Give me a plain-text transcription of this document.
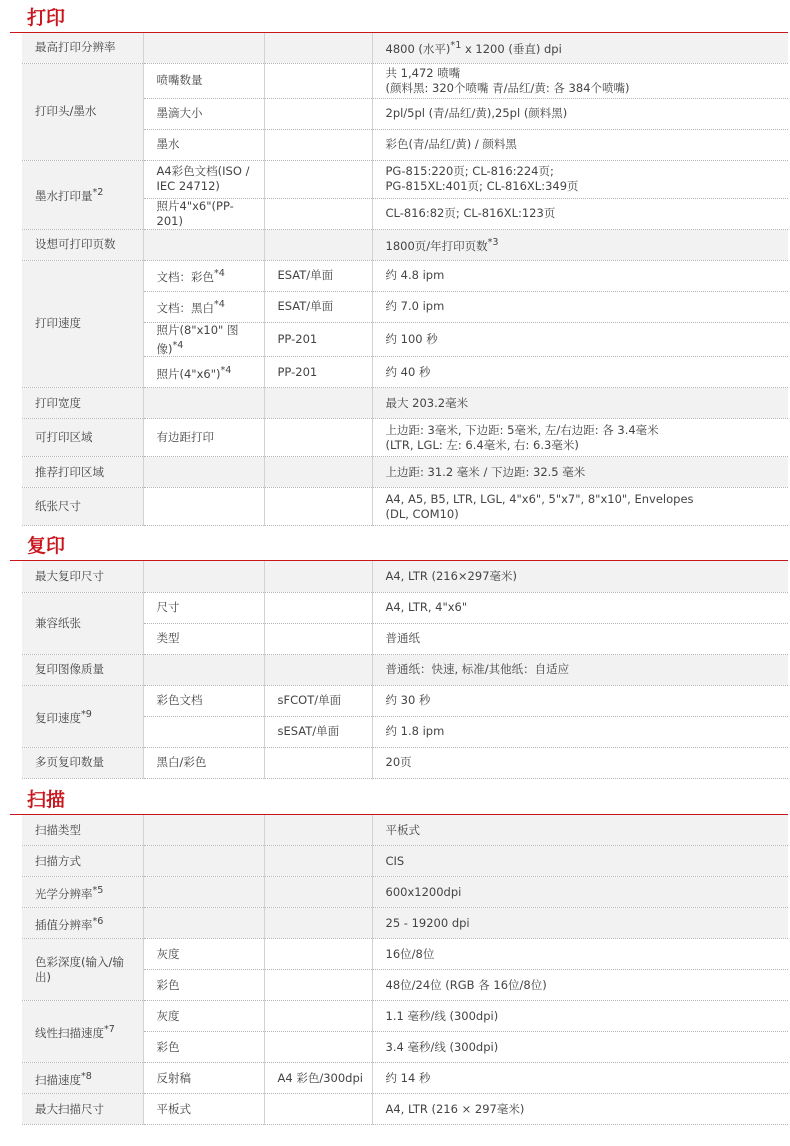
打印
最高打印分辨率			4800 (水平)$^{*1}$ x 1200 (垂直) dpi
打印头/墨水	喷嘴数量		共 1,472 喷嘴
(颜料黑: 320个喷嘴 青/品红/黄: 各 384个喷嘴)

	墨滴大小		2pl/5pl (青/品红/黄),25pl (颜料黑)
	墨水		彩色(青/品红/黄) / 颜料黑
墨水打印量$^{*2}$	A4彩色文档(ISO / IEC 24712)		PG-815:220页; CL-816:224页;
PG-815XL:401页; CL-816XL:349页

	照片4"x6"(PP-201)		CL-816:82页; CL-816XL:123页
设想可打印页数			1800页/年打印页数$^{*3}$
打印速度	文档：彩色$^{*4}$	ESAT/单面	约 4.8 ipm
	文档：黑白$^{*4}$	ESAT/单面	约 7.0 ipm
	照片(8"x10" 图像)$^{*4}$	PP-201	约 100 秒
	照片(4"x6")$^{*4}$	PP-201	约 40 秒
打印宽度			最大 203.2毫米
可打印区域	有边距打印		上边距: 3毫米, 下边距: 5毫米, 左/右边距: 各 3.4毫米
(LTR, LGL: 左: 6.4毫米, 右: 6.3毫米)

推荐打印区域			上边距: 31.2 毫米 / 下边距: 32.5 毫米
纸张尺寸			A4, A5, B5, LTR, LGL, 4"x6", 5"x7", 8"x10", Envelopes
(DL, COM10)
复印
最大复印尺寸			A4, LTR (216×297毫米)
兼容纸张	尺寸		A4, LTR, 4"x6"
	类型		普通纸
复印图像质量			普通纸：快速, 标准/其他纸：自适应
复印速度$^{*9}$	彩色文档	sFCOT/单面	约 30 秒
		sESAT/单面	约 1.8 ipm
多页复印数量	黑白/彩色		20页
扫描
扫描类型			平板式
扫描方式			CIS
光学分辨率$^{*5}$			600x1200dpi
插值分辨率$^{*6}$			25 - 19200 dpi
色彩深度(输入/输出)	灰度		16位/8位
	彩色		48位/24位 (RGB 各 16位/8位)
线性扫描速度$^{*7}$	灰度		1.1 毫秒/线 (300dpi)
	彩色		3.4 毫秒/线 (300dpi)
扫描速度$^{*8}$	反射稿	A4 彩色/300dpi	约 14 秒
最大扫描尺寸	平板式		A4, LTR (216 × 297毫米)
